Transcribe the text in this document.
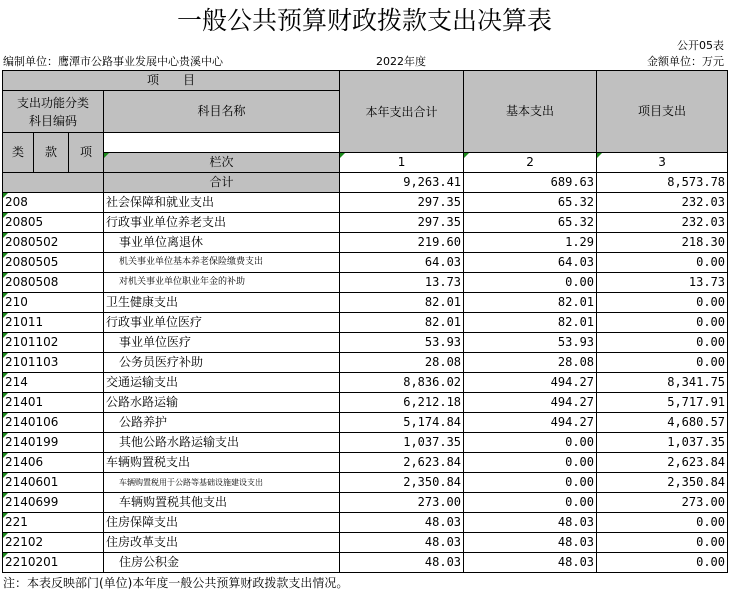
一般公共预算财政拨款支出决算表
公开05表
编制单位：鹰潭市公路事业发展中心贵溪中心	2022年度	金额单位：万元
项　　目				本年支出合计	基本支出	项目支出
支出功能分类
科目编码			科目名称			

类	款	项				
			栏次	1	2	3
			合计	9,263.41	689.63	8,573.78
208			社会保障和就业支出	297.35	65.32	232.03
20805			行政事业单位养老支出	297.35	65.32	232.03
2080502			事业单位离退休	219.60	1.29	218.30
2080505			机关事业单位基本养老保险缴费支出	64.03	64.03	0.00
2080508			对机关事业单位职业年金的补助	13.73	0.00	13.73
210			卫生健康支出	82.01	82.01	0.00
21011			行政事业单位医疗	82.01	82.01	0.00
2101102			事业单位医疗	53.93	53.93	0.00
2101103			公务员医疗补助	28.08	28.08	0.00
214			交通运输支出	8,836.02	494.27	8,341.75
21401			公路水路运输	6,212.18	494.27	5,717.91
2140106			公路养护	5,174.84	494.27	4,680.57
2140199			其他公路水路运输支出	1,037.35	0.00	1,037.35
21406			车辆购置税支出	2,623.84	0.00	2,623.84
2140601			车辆购置税用于公路等基础设施建设支出	2,350.84	0.00	2,350.84
2140699			车辆购置税其他支出	273.00	0.00	273.00
221			住房保障支出	48.03	48.03	0.00
22102			住房改革支出	48.03	48.03	0.00
2210201			住房公积金	48.03	48.03	0.00
注：本表反映部门(单位)本年度一般公共预算财政拨款支出情况。
